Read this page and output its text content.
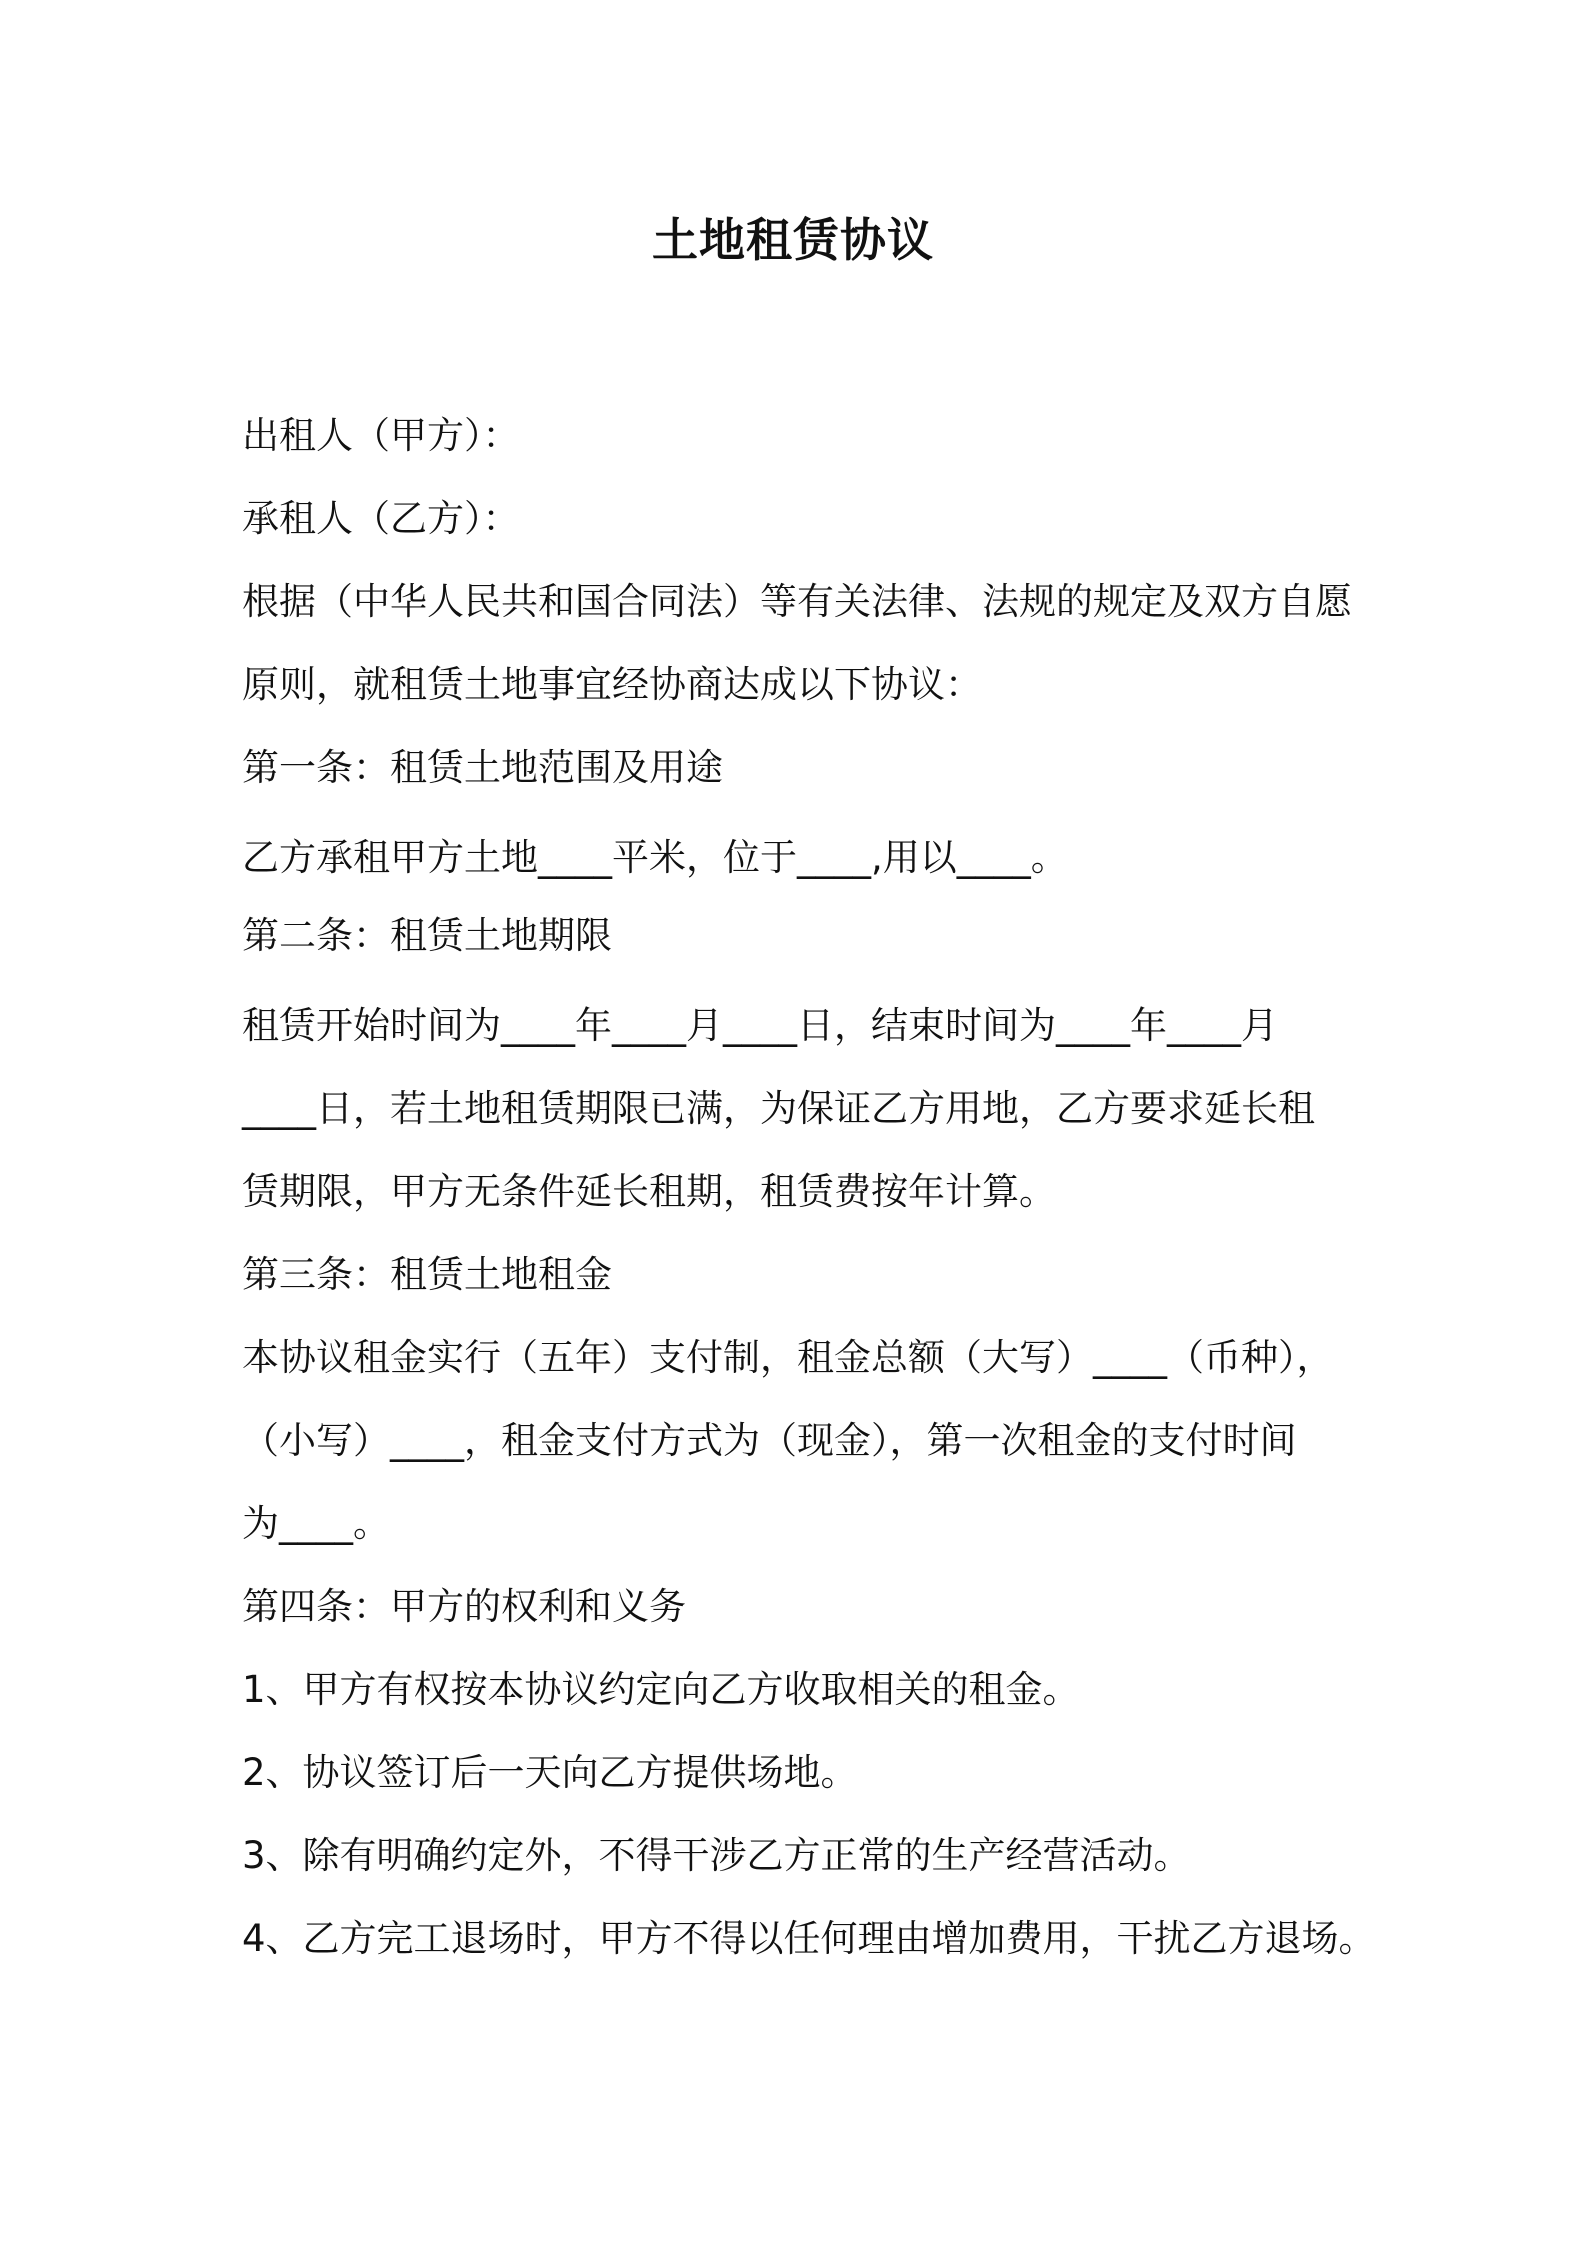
土地租赁协议

出租人（甲方）：

承租人（乙方）：

根据（中华人民共和国合同法）等有关法律、法规的规定及双方自愿

原则，就租赁土地事宜经协商达成以下协议：

第一条：租赁土地范围及用途

乙方承租甲方土地____平米，位于____,用以____。

第二条：租赁土地期限

租赁开始时间为____年____月____日，结束时间为____年____月

____日，若土地租赁期限已满，为保证乙方用地，乙方要求延长租

赁期限，甲方无条件延长租期，租赁费按年计算。

第三条：租赁土地租金

本协议租金实行（五年）支付制，租金总额（大写）____（币种），

（小写）____，租金支付方式为（现金），第一次租金的支付时间

为____。

第四条：甲方的权利和义务

1、甲方有权按本协议约定向乙方收取相关的租金。

2、协议签订后一天向乙方提供场地。

3、除有明确约定外，不得干涉乙方正常的生产经营活动。

4、乙方完工退场时，甲方不得以任何理由增加费用，干扰乙方退场。
